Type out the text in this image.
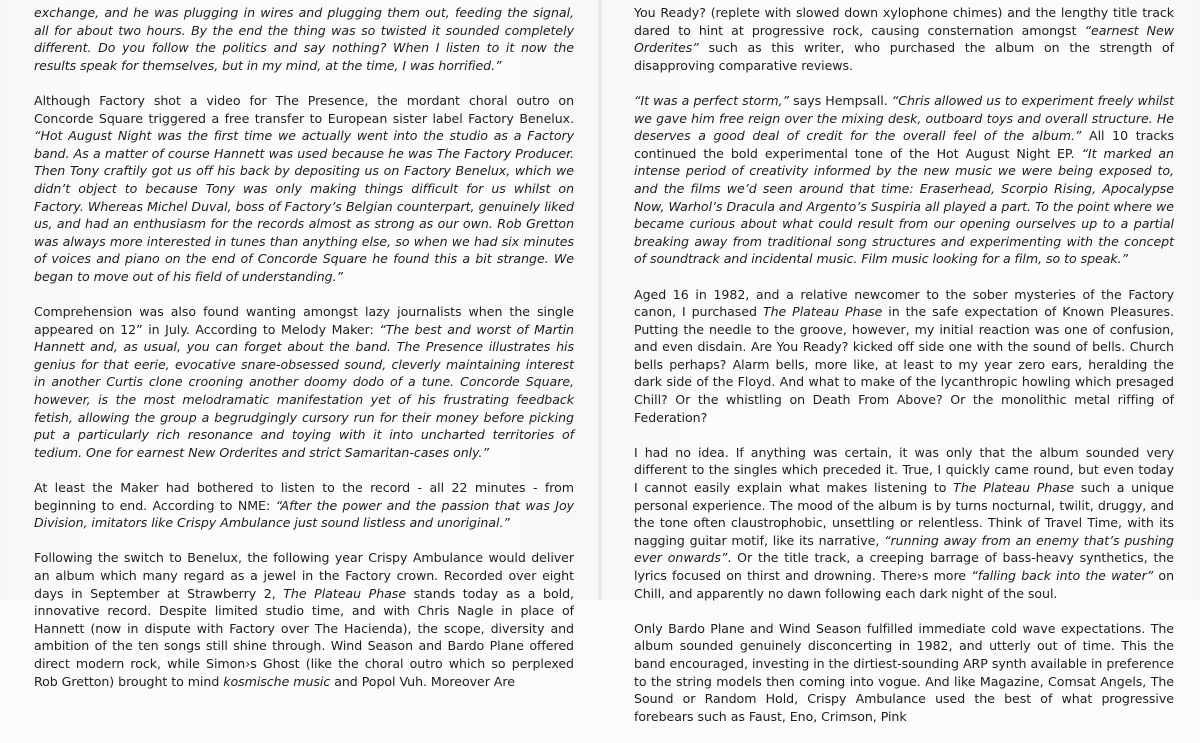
exchange, and he was plugging in wires and plugging them out, feeding the signal, all for about two hours. By the end the thing was so twisted it sounded completely different. Do you follow the politics and say nothing? When I listen to it now the results speak for themselves, but in my mind, at the time, I was horrified.”

Although Factory shot a video for The Presence, the mordant choral outro on Concorde Square triggered a free transfer to European sister label Factory Benelux. “Hot August Night was the first time we actually went into the studio as a Factory band. As a matter of course Hannett was used because he was The Factory Producer. Then Tony craftily got us off his back by depositing us on Factory Benelux, which we didn’t object to because Tony was only making things difficult for us whilst on Factory. Whereas Michel Duval, boss of Factory’s Belgian counterpart, genuinely liked us, and had an enthusiasm for the records almost as strong as our own. Rob Gretton was always more interested in tunes than anything else, so when we had six minutes of voices and piano on the end of Concorde Square he found this a bit strange. We began to move out of his field of understanding.”

Comprehension was also found wanting amongst lazy journalists when the single appeared on 12” in July. According to Melody Maker: “The best and worst of Martin Hannett and, as usual, you can forget about the band. The Presence illustrates his genius for that eerie, evocative snare-obsessed sound, cleverly maintaining interest in another Curtis clone crooning another doomy dodo of a tune. Concorde Square, however, is the most melodramatic manifestation yet of his frustrating feedback fetish, allowing the group a begrudgingly cursory run for their money before picking put a particularly rich resonance and toying with it into uncharted territories of tedium. One for earnest New Orderites and strict Samaritan-cases only.”

At least the Maker had bothered to listen to the record - all 22 minutes - from beginning to end. According to NME: “After the power and the passion that was Joy Division, imitators like Crispy Ambulance just sound listless and unoriginal.”

Following the switch to Benelux, the following year Crispy Ambulance would deliver an album which many regard as a jewel in the Factory crown. Recorded over eight days in September at Strawberry 2, The Plateau Phase stands today as a bold, innovative record. Despite limited studio time, and with Chris Nagle in place of Hannett (now in dispute with Factory over The Hacienda), the scope, diversity and ambition of the ten songs still shine through. Wind Season and Bardo Plane offered direct modern rock, while Simon›s Ghost (like the choral outro which so perplexed Rob Gretton) brought to mind kosmische music and Popol Vuh. Moreover Are

You Ready? (replete with slowed down xylophone chimes) and the lengthy title track dared to hint at progressive rock, causing consternation amongst “earnest New Orderites” such as this writer, who purchased the album on the strength of disapproving comparative reviews.

“It was a perfect storm,” says Hempsall. “Chris allowed us to experiment freely whilst we gave him free reign over the mixing desk, outboard toys and overall structure. He deserves a good deal of credit for the overall feel of the album.” All 10 tracks continued the bold experimental tone of the Hot August Night EP. “It marked an intense period of creativity informed by the new music we were being exposed to, and the films we’d seen around that time: Eraserhead, Scorpio Rising, Apocalypse Now, Warhol’s Dracula and Argento’s Suspiria all played a part. To the point where we became curious about what could result from our opening ourselves up to a partial breaking away from traditional song structures and experimenting with the concept of soundtrack and incidental music. Film music looking for a film, so to speak.”

Aged 16 in 1982, and a relative newcomer to the sober mysteries of the Factory canon, I purchased The Plateau Phase in the safe expectation of Known Pleasures. Putting the needle to the groove, however, my initial reaction was one of confusion, and even disdain. Are You Ready? kicked off side one with the sound of bells. Church bells perhaps? Alarm bells, more like, at least to my year zero ears, heralding the dark side of the Floyd. And what to make of the lycanthropic howling which presaged Chill? Or the whistling on Death From Above? Or the monolithic metal riffing of Federation?

I had no idea. If anything was certain, it was only that the album sounded very different to the singles which preceded it. True, I quickly came round, but even today I cannot easily explain what makes listening to The Plateau Phase such a unique personal experience. The mood of the album is by turns nocturnal, twilit, druggy, and the tone often claustrophobic, unsettling or relentless. Think of Travel Time, with its nagging guitar motif, like its narrative, “running away from an enemy that’s pushing ever onwards”. Or the title track, a creeping barrage of bass-heavy synthetics, the lyrics focused on thirst and drowning. There›s more “falling back into the water” on Chill, and apparently no dawn following each dark night of the soul.

Only Bardo Plane and Wind Season fulfilled immediate cold wave expectations. The album sounded genuinely disconcerting in 1982, and utterly out of time. This the band encouraged, investing in the dirtiest-sounding ARP synth available in preference to the string models then coming into vogue. And like Magazine, Comsat Angels, The Sound or Random Hold, Crispy Ambulance used the best of what progressive forebears such as Faust, Eno, Crimson, Pink
